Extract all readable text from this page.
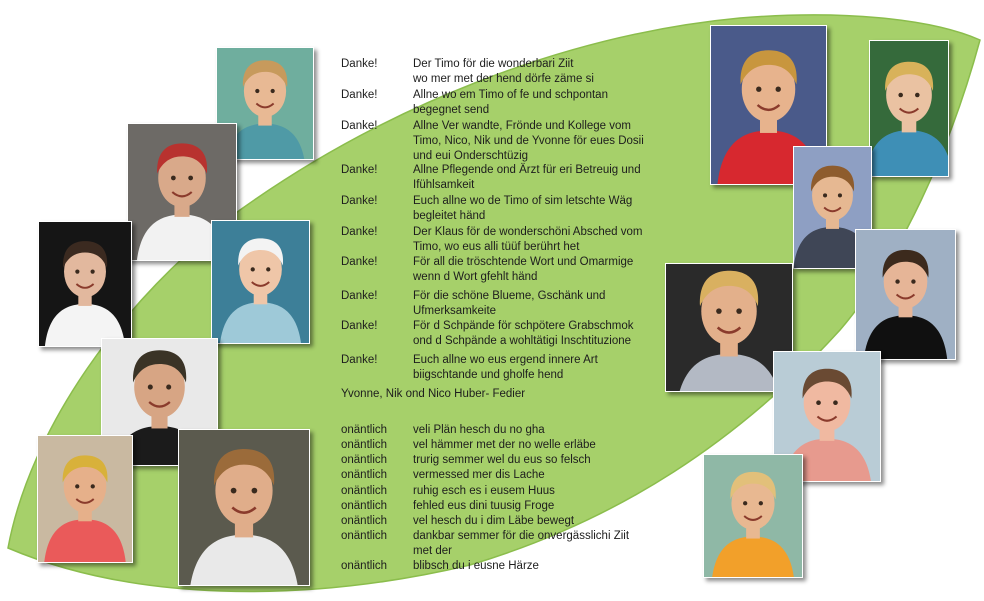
Danke!	Der Timo för die wonderbari Ziit
wo mer met der hend dörfe zäme si
Danke!	Allne wo em Timo of fe und schpontan
begegnet send
Danke!	Allne Ver wandte, Frönde und Kollege vom
Timo, Nico, Nik und de Yvonne för eues Dosii
und eui Onderschtüzig
Danke!	Allne Pflegende ond Ärzt für eri Betreuig und
Ifühlsamkeit
Danke!	Euch allne wo de Timo of sim letschte Wäg
begleitet händ
Danke!	Der Klaus för de wonderschöni Absched vom
Timo, wo eus alli tüüf berührt het
Danke!	För all die tröschtende Wort und Omarmige
wenn d Wort gfehlt händ
Danke!	För die schöne Blueme, Gschänk und
Ufmerksamkeite
Danke!	För d Schpände för schpötere Grabschmok
ond d Schpände a wohltätigi Inschtituzione
Danke!	Euch allne wo eus ergend innere Art
biigschtande und gholfe hend
Yvonne, Nik ond Nico Huber- Fedier
onäntlich	veli Plän hesch du no gha
onäntlich	vel hämmer met der no welle erläbe
onäntlich	trurig semmer wel du eus so felsch
onäntlich	vermessed mer dis Lache
onäntlich	ruhig esch es i eusem Huus
onäntlich	fehled eus dini tuusig Froge
onäntlich	vel hesch du i dim Läbe bewegt
onäntlich	dankbar semmer för die onvergässlichi Ziit
met der
onäntlich	blibsch du i eusne Härze
